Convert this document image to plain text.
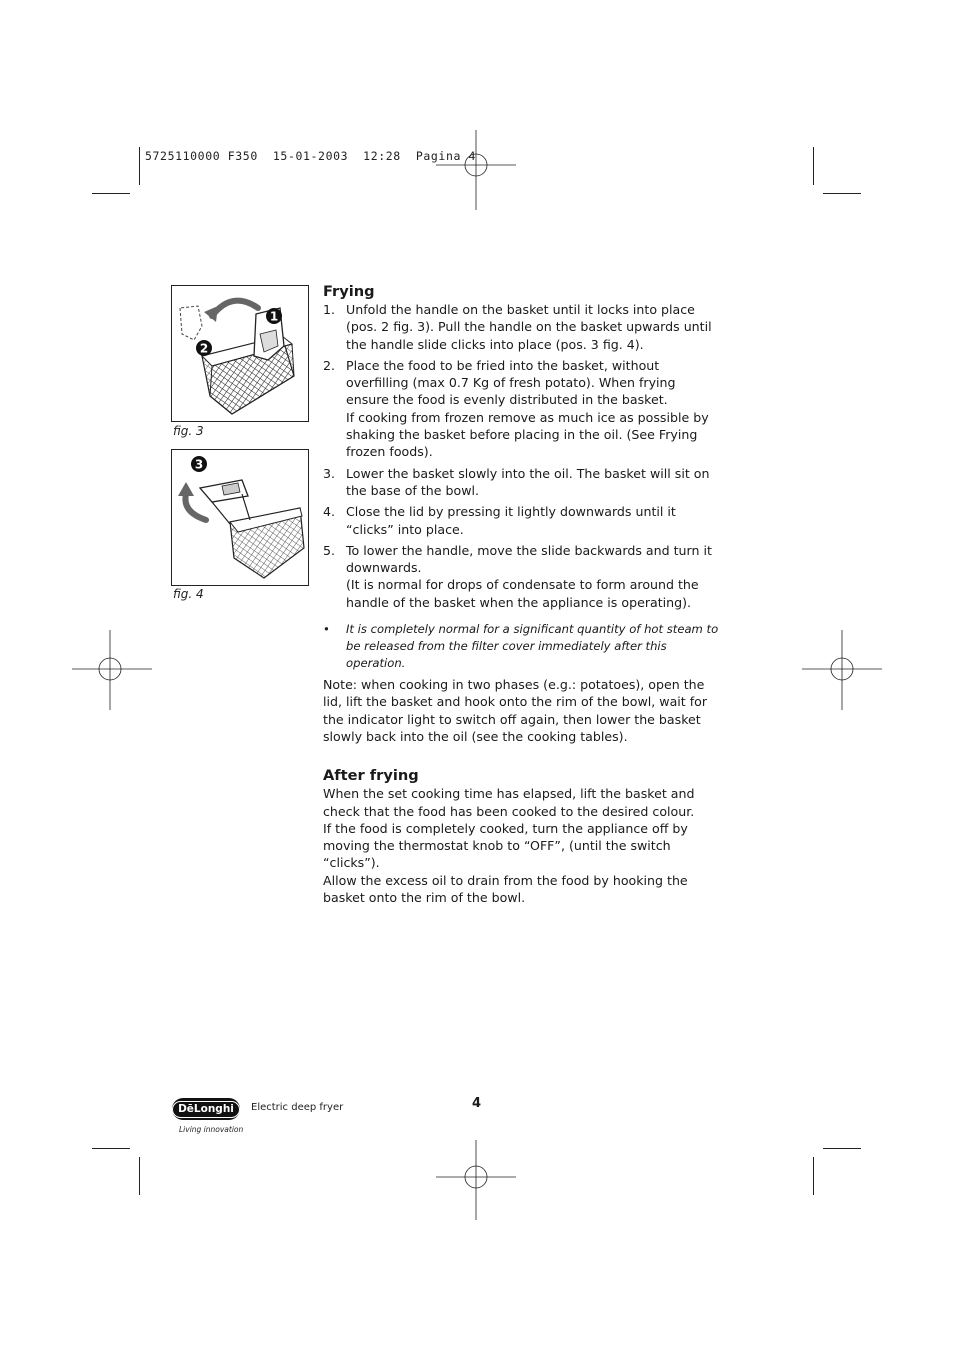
5725110000 F350  15-01-2003  12:28  Pagina 4
1
2
fig. 3
3
fig. 4
Frying
1. Unfold the handle on the basket until it locks into place (pos. 2 fig. 3). Pull the handle on the basket upwards until the handle slide clicks into place (pos. 3 fig. 4).
2. Place the food to be fried into the basket, without overfilling (max 0.7 Kg of fresh potato). When frying ensure the food is evenly distributed in the basket.
If cooking from frozen remove as much ice as possible by shaking the basket before placing in the oil. (See Frying frozen foods).
3. Lower the basket slowly into the oil. The basket will sit on the base of the bowl.
4. Close the lid by pressing it lightly downwards until it “clicks” into place.
5. To lower the handle, move the slide backwards and turn it downwards.
(It is normal for drops of condensate to form around the handle of the basket when the appliance is operating).
• It is completely normal for a significant quantity of hot steam to be released from the filter cover immediately after this operation.

Note: when cooking in two phases (e.g.: potatoes), open the lid, lift the basket and hook onto the rim of the bowl, wait for the indicator light to switch off again, then lower the basket slowly back into the oil (see the cooking tables).

After frying

When the set cooking time has elapsed, lift the basket and check that the food has been cooked to the desired colour.

If the food is completely cooked, turn the appliance off by moving the thermostat knob to “OFF”, (until the switch “clicks”).

Allow the excess oil to drain from the food by hooking the basket onto the rim of the bowl.

DēLonghi
Living innovation
Electric deep fryer	4
